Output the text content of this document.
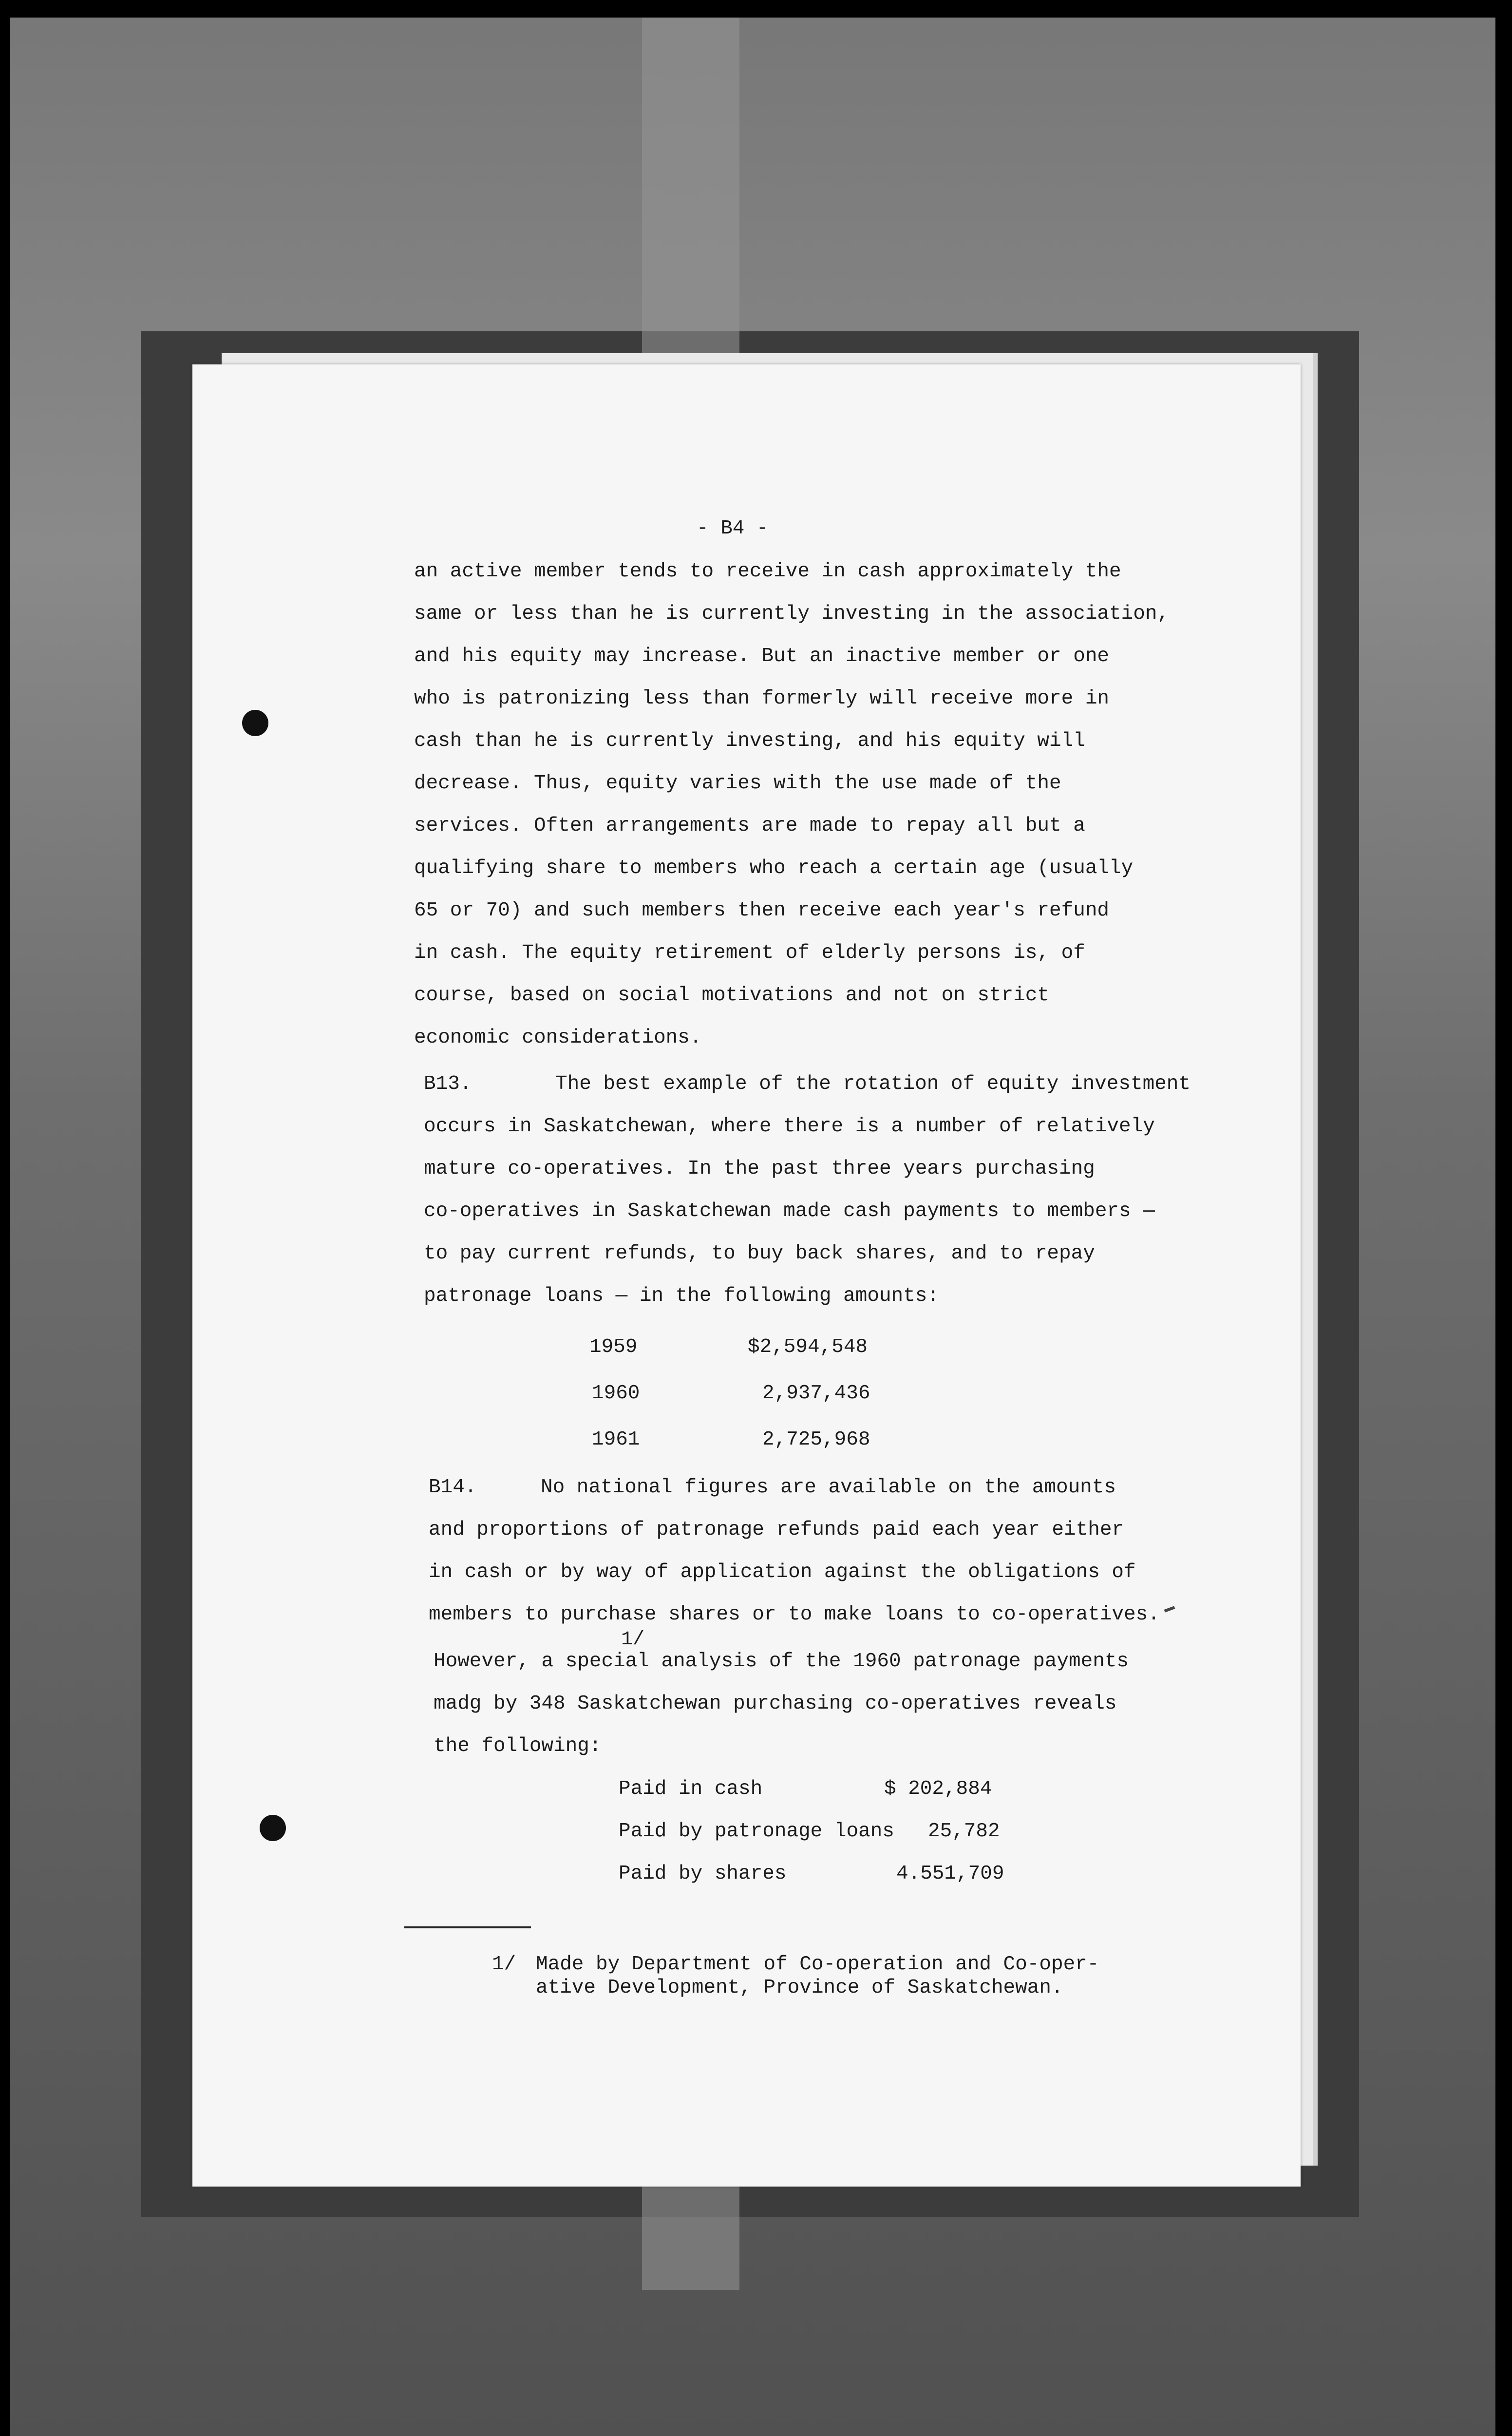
- B4 -
an active member tends to receive in cash approximately the
same or less than he is currently investing in the association,
and his equity may increase. But an inactive member or one
who is patronizing less than formerly will receive more in
cash than he is currently investing, and his equity will
decrease. Thus, equity varies with the use made of the
services. Often arrangements are made to repay all but a
qualifying share to members who reach a certain age (usually
65 or 70) and such members then receive each year's refund
in cash. The equity retirement of elderly persons is, of
course, based on social motivations and not on strict
economic considerations.
B13.	The best example of the rotation of equity investment
occurs in Saskatchewan, where there is a number of relatively
mature co-operatives. In the past three years purchasing
co-operatives in Saskatchewan made cash payments to members —
to pay current refunds, to buy back shares, and to repay
patronage loans — in the following amounts:
1959	$2,594,548
1960	2,937,436
1961	2,725,968
B14.	No national figures are available on the amounts
and proportions of patronage refunds paid each year either
in cash or by way of application against the obligations of
members to purchase shares or to make loans to co-operatives.
1/
However, a special analysis of the 1960 patronage payments
madg by 348 Saskatchewan purchasing co-operatives reveals
the following:
Paid in cash	$ 202,884
Paid by patronage loans 25,782
Paid by shares	4.551,709
1/ Made by Department of Co-operation and Co-oper-
ative Development, Province of Saskatchewan.
